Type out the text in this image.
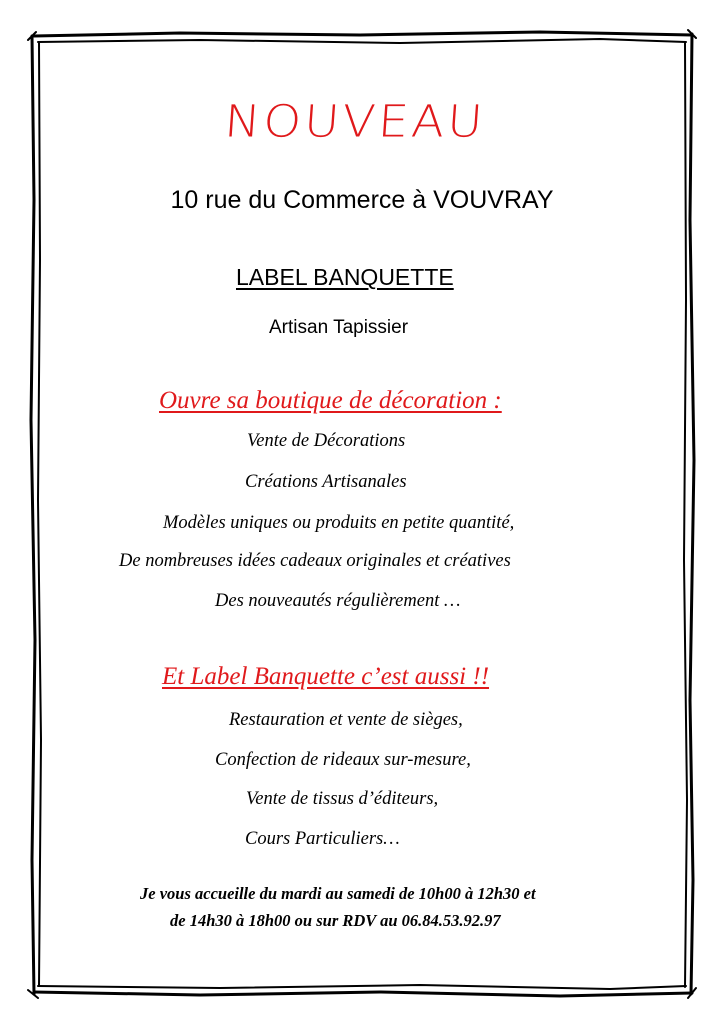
NOUVEAU
10 rue du Commerce à VOUVRAY
LABEL BANQUETTE
Artisan Tapissier
Ouvre sa boutique de décoration :
Vente de Décorations
Créations Artisanales
Modèles uniques ou produits en petite quantité,
De nombreuses idées cadeaux originales et créatives
Des nouveautés régulièrement …
Et Label Banquette c’est aussi !!
Restauration et vente de sièges,
Confection de rideaux sur-mesure,
Vente de tissus d’éditeurs,
Cours Particuliers…
Je vous accueille du mardi au samedi de 10h00 à 12h30 et
de 14h30 à 18h00 ou sur RDV au 06.84.53.92.97
